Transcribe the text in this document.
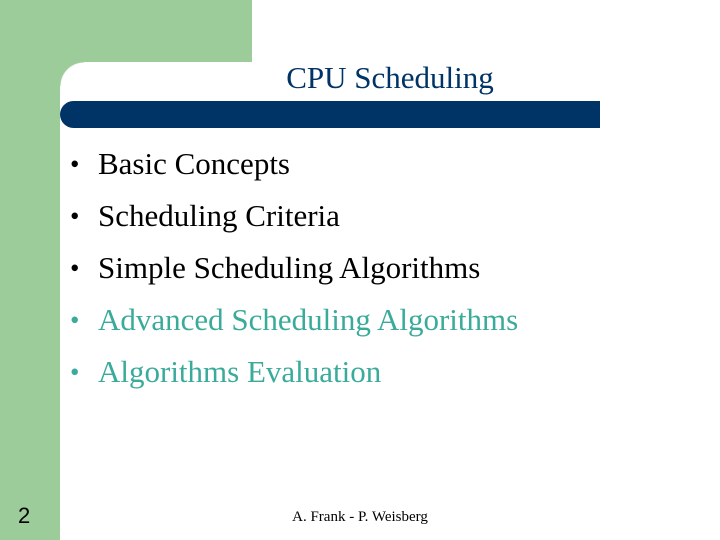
CPU Scheduling
• Basic Concepts
• Scheduling Criteria
• Simple Scheduling Algorithms
• Advanced Scheduling Algorithms
• Algorithms Evaluation
2	A. Frank - P. Weisberg
